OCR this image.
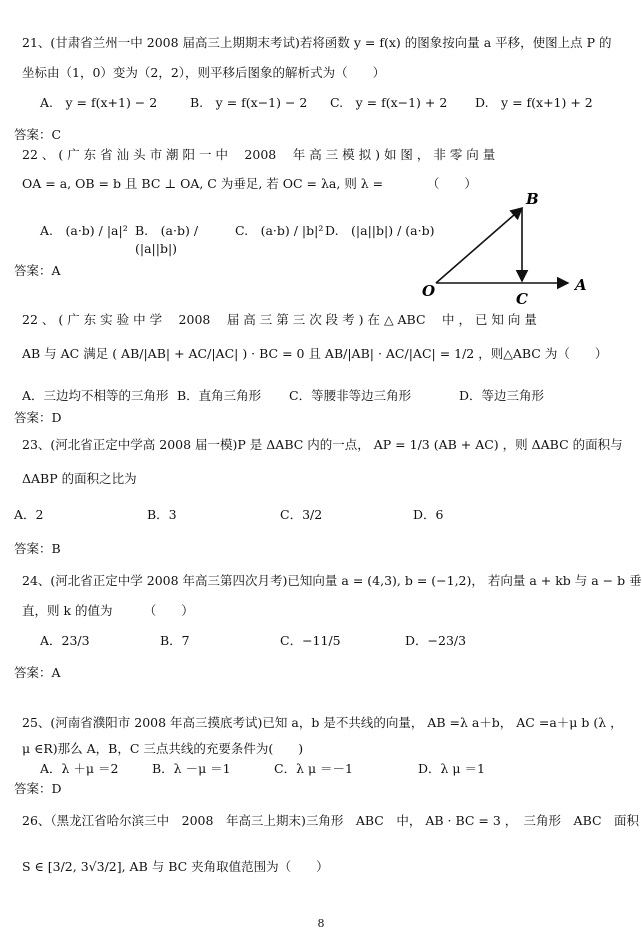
21、(甘肃省兰州一中 2008 届高三上期期末考试)若将函数 y = f(x) 的图象按向量 a 平移，使图上点 P 的
坐标由（1，0）变为（2，2），则平移后图象的解析式为（　　）
A.　y = f(x+1) − 2	B.　y = f(x−1) − 2	C.　y = f(x−1) + 2	D.　y = f(x+1) + 2
答案：C
22 、 ( 广 东 省 汕 头 市 潮 阳 一 中　 2008　 年 高 三 模 拟 ) 如 图 ， 非 零 向 量
OA = a, OB = b 且 BC ⊥ OA, C 为垂足, 若 OC = λa, 则 λ =　　　　（　　）
A.　(a·b) / |a|² B.　(a·b) / (|a||b|)
C.　(a·b) / |b|² D.　(|a||b|) / (a·b)
答案：A
O	A
B
C
22 、 ( 广 东 实 验 中 学　 2008　 届 高 三 第 三 次 段 考 ) 在 △ ABC　 中 ， 已 知 向 量
AB 与 AC 满足 ( AB/|AB| + AC/|AC| ) · BC = 0 且 AB/|AB| · AC/|AC| = 1/2 ，则△ABC 为（　　）
A．三边均不相等的三角形 B．直角三角形	C．等腰非等边三角形	D．等边三角形
答案：D
23、(河北省正定中学高 2008 届一模)P 是 ΔABC 内的一点， AP = 1/3 (AB + AC) ，则 ΔABC 的面积与
ΔABP 的面积之比为
A．2	B．3	C．3/2	D．6
答案：B
24、(河北省正定中学 2008 年高三第四次月考)已知向量 a = (4,3), b = (−1,2)， 若向量 a + kb 与 a − b 垂
直，则 k 的值为　　　（　　）
A．23/3	B．7	C．−11/5	D．−23/3
答案：A
25、(河南省濮阳市 2008 年高三摸底考试)已知 a，b 是不共线的向量， AB =λ a＋b， AC =a＋μ b (λ ，
μ ∈R)那么 A，B，C 三点共线的充要条件为(　　)
A．λ ＋μ ＝2	B．λ －μ ＝1	C．λ μ ＝－1	D．λ μ ＝1
答案：D
26、（黑龙江省哈尔滨三中　2008　年高三上期末)三角形　ABC　中， AB · BC = 3 ，　三角形　ABC　面积
S ∈ [3/2, 3√3/2], AB 与 BC 夹角取值范围为（　　）
8
